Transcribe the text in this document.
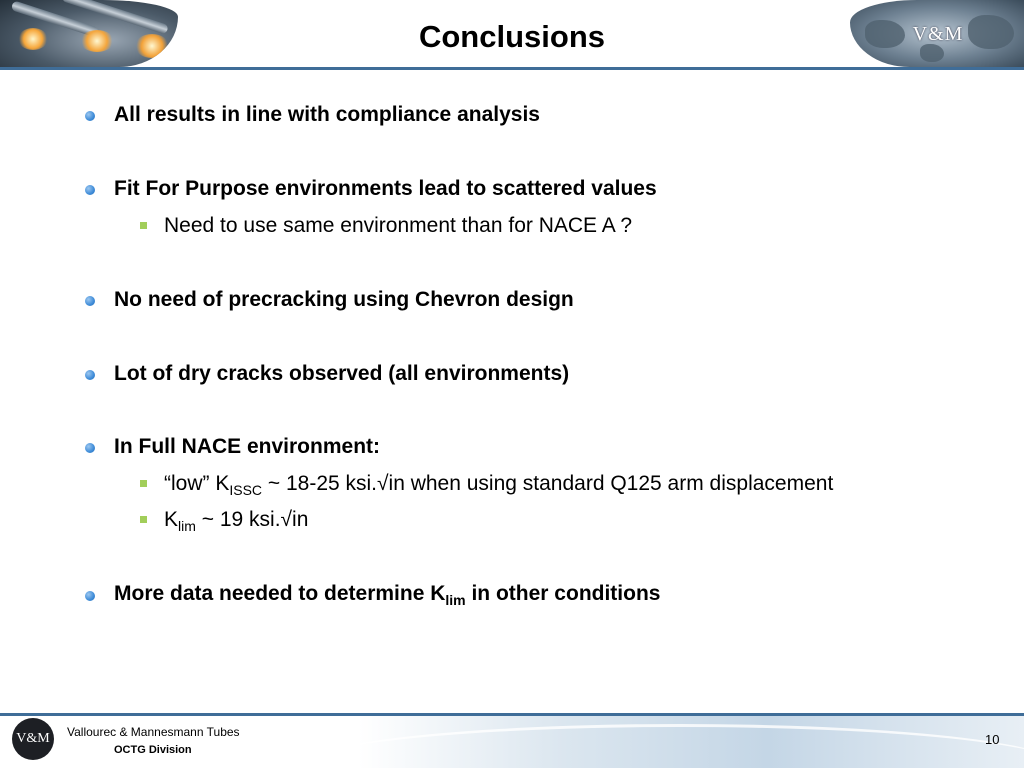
V&M
Conclusions
All results in line with compliance analysis
Fit For Purpose environments lead to scattered values
Need to use same environment than for NACE A ?
No need of precracking using Chevron design
Lot of dry cracks observed (all environments)
In Full NACE environment:
“low” $K_{ISSC}$ ~ 18-25 ksi.√in when using standard Q125 arm displacement
$K_{lim}$ ~ 19 ksi.√in
More data needed to determine $K_{lim}$ in other conditions
V&M	Vallourec & Mannesmann Tubes
OCTG Division
10
